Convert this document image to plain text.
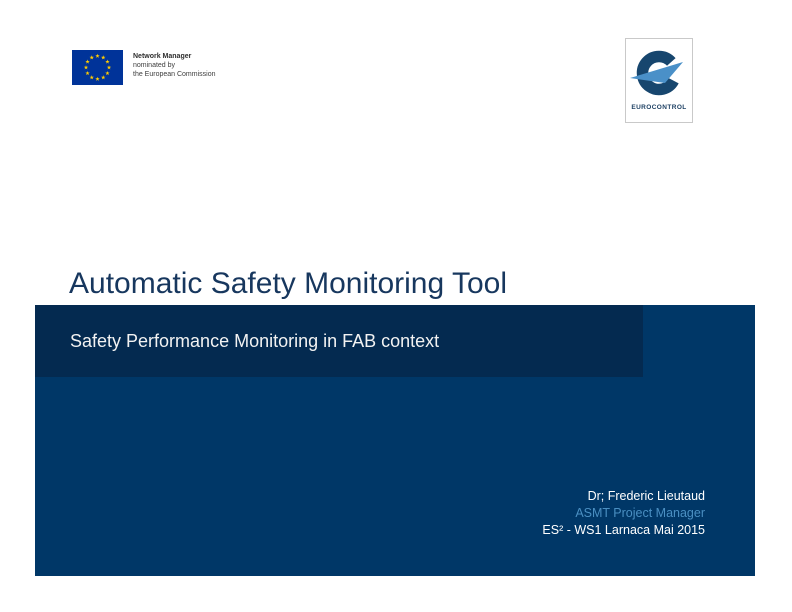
Network Manager
nominated by
the European Commission
EUROCONTROL
Automatic Safety Monitoring Tool
Safety Performance Monitoring in FAB context
Dr; Frederic Lieutaud
ASMT Project Manager
ES² - WS1 Larnaca Mai 2015
